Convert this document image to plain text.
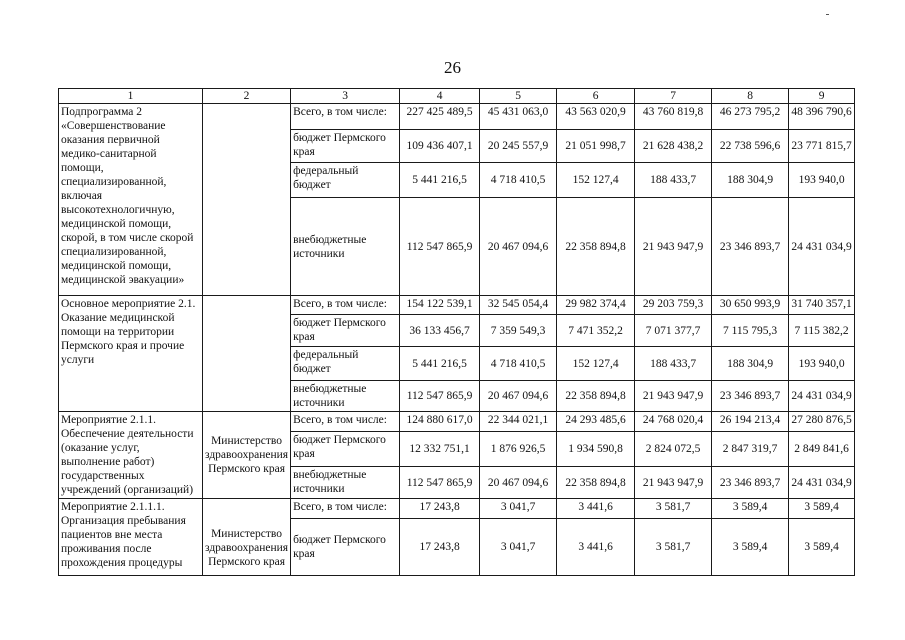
26
1	2	3	4	5	6	7	8	9
Подпрограмма 2
«Совершенствование оказания первичной медико-санитарной помощи, специализированной, включая высокотехнологичную, медицинской помощи, скорой, в том числе скорой специализированной, медицинской помощи, медицинской эвакуации»		Всего, в том числе:	227 425 489,5	45 431 063,0	43 563 020,9	43 760 819,8	46 273 795,2	48 396 790,6
		бюджет Пермского края	109 436 407,1	20 245 557,9	21 051 998,7	21 628 438,2	22 738 596,6	23 771 815,7
		федеральный бюджет	5 441 216,5	4 718 410,5	152 127,4	188 433,7	188 304,9	193 940,0
		внебюджетные источники	112 547 865,9	20 467 094,6	22 358 894,8	21 943 947,9	23 346 893,7	24 431 034,9
Основное мероприятие 2.1. Оказание медицинской помощи на территории Пермского края и прочие услуги		Всего, в том числе:	154 122 539,1	32 545 054,4	29 982 374,4	29 203 759,3	30 650 993,9	31 740 357,1
		бюджет Пермского края	36 133 456,7	7 359 549,3	7 471 352,2	7 071 377,7	7 115 795,3	7 115 382,2
		федеральный бюджет	5 441 216,5	4 718 410,5	152 127,4	188 433,7	188 304,9	193 940,0
		внебюджетные источники	112 547 865,9	20 467 094,6	22 358 894,8	21 943 947,9	23 346 893,7	24 431 034,9
Мероприятие 2.1.1. Обеспечение деятельности (оказание услуг, выполнение работ) государственных учреждений (организаций)	Министерство здравоохранения Пермского края	Всего, в том числе:	124 880 617,0	22 344 021,1	24 293 485,6	24 768 020,4	26 194 213,4	27 280 876,5
		бюджет Пермского края	12 332 751,1	1 876 926,5	1 934 590,8	2 824 072,5	2 847 319,7	2 849 841,6
		внебюджетные источники	112 547 865,9	20 467 094,6	22 358 894,8	21 943 947,9	23 346 893,7	24 431 034,9
Мероприятие 2.1.1.1. Организация пребывания пациентов вне места проживания после прохождения процедуры	Министерство здравоохранения Пермского края	Всего, в том числе:	17 243,8	3 041,7	3 441,6	3 581,7	3 589,4	3 589,4
		бюджет Пермского края	17 243,8	3 041,7	3 441,6	3 581,7	3 589,4	3 589,4
